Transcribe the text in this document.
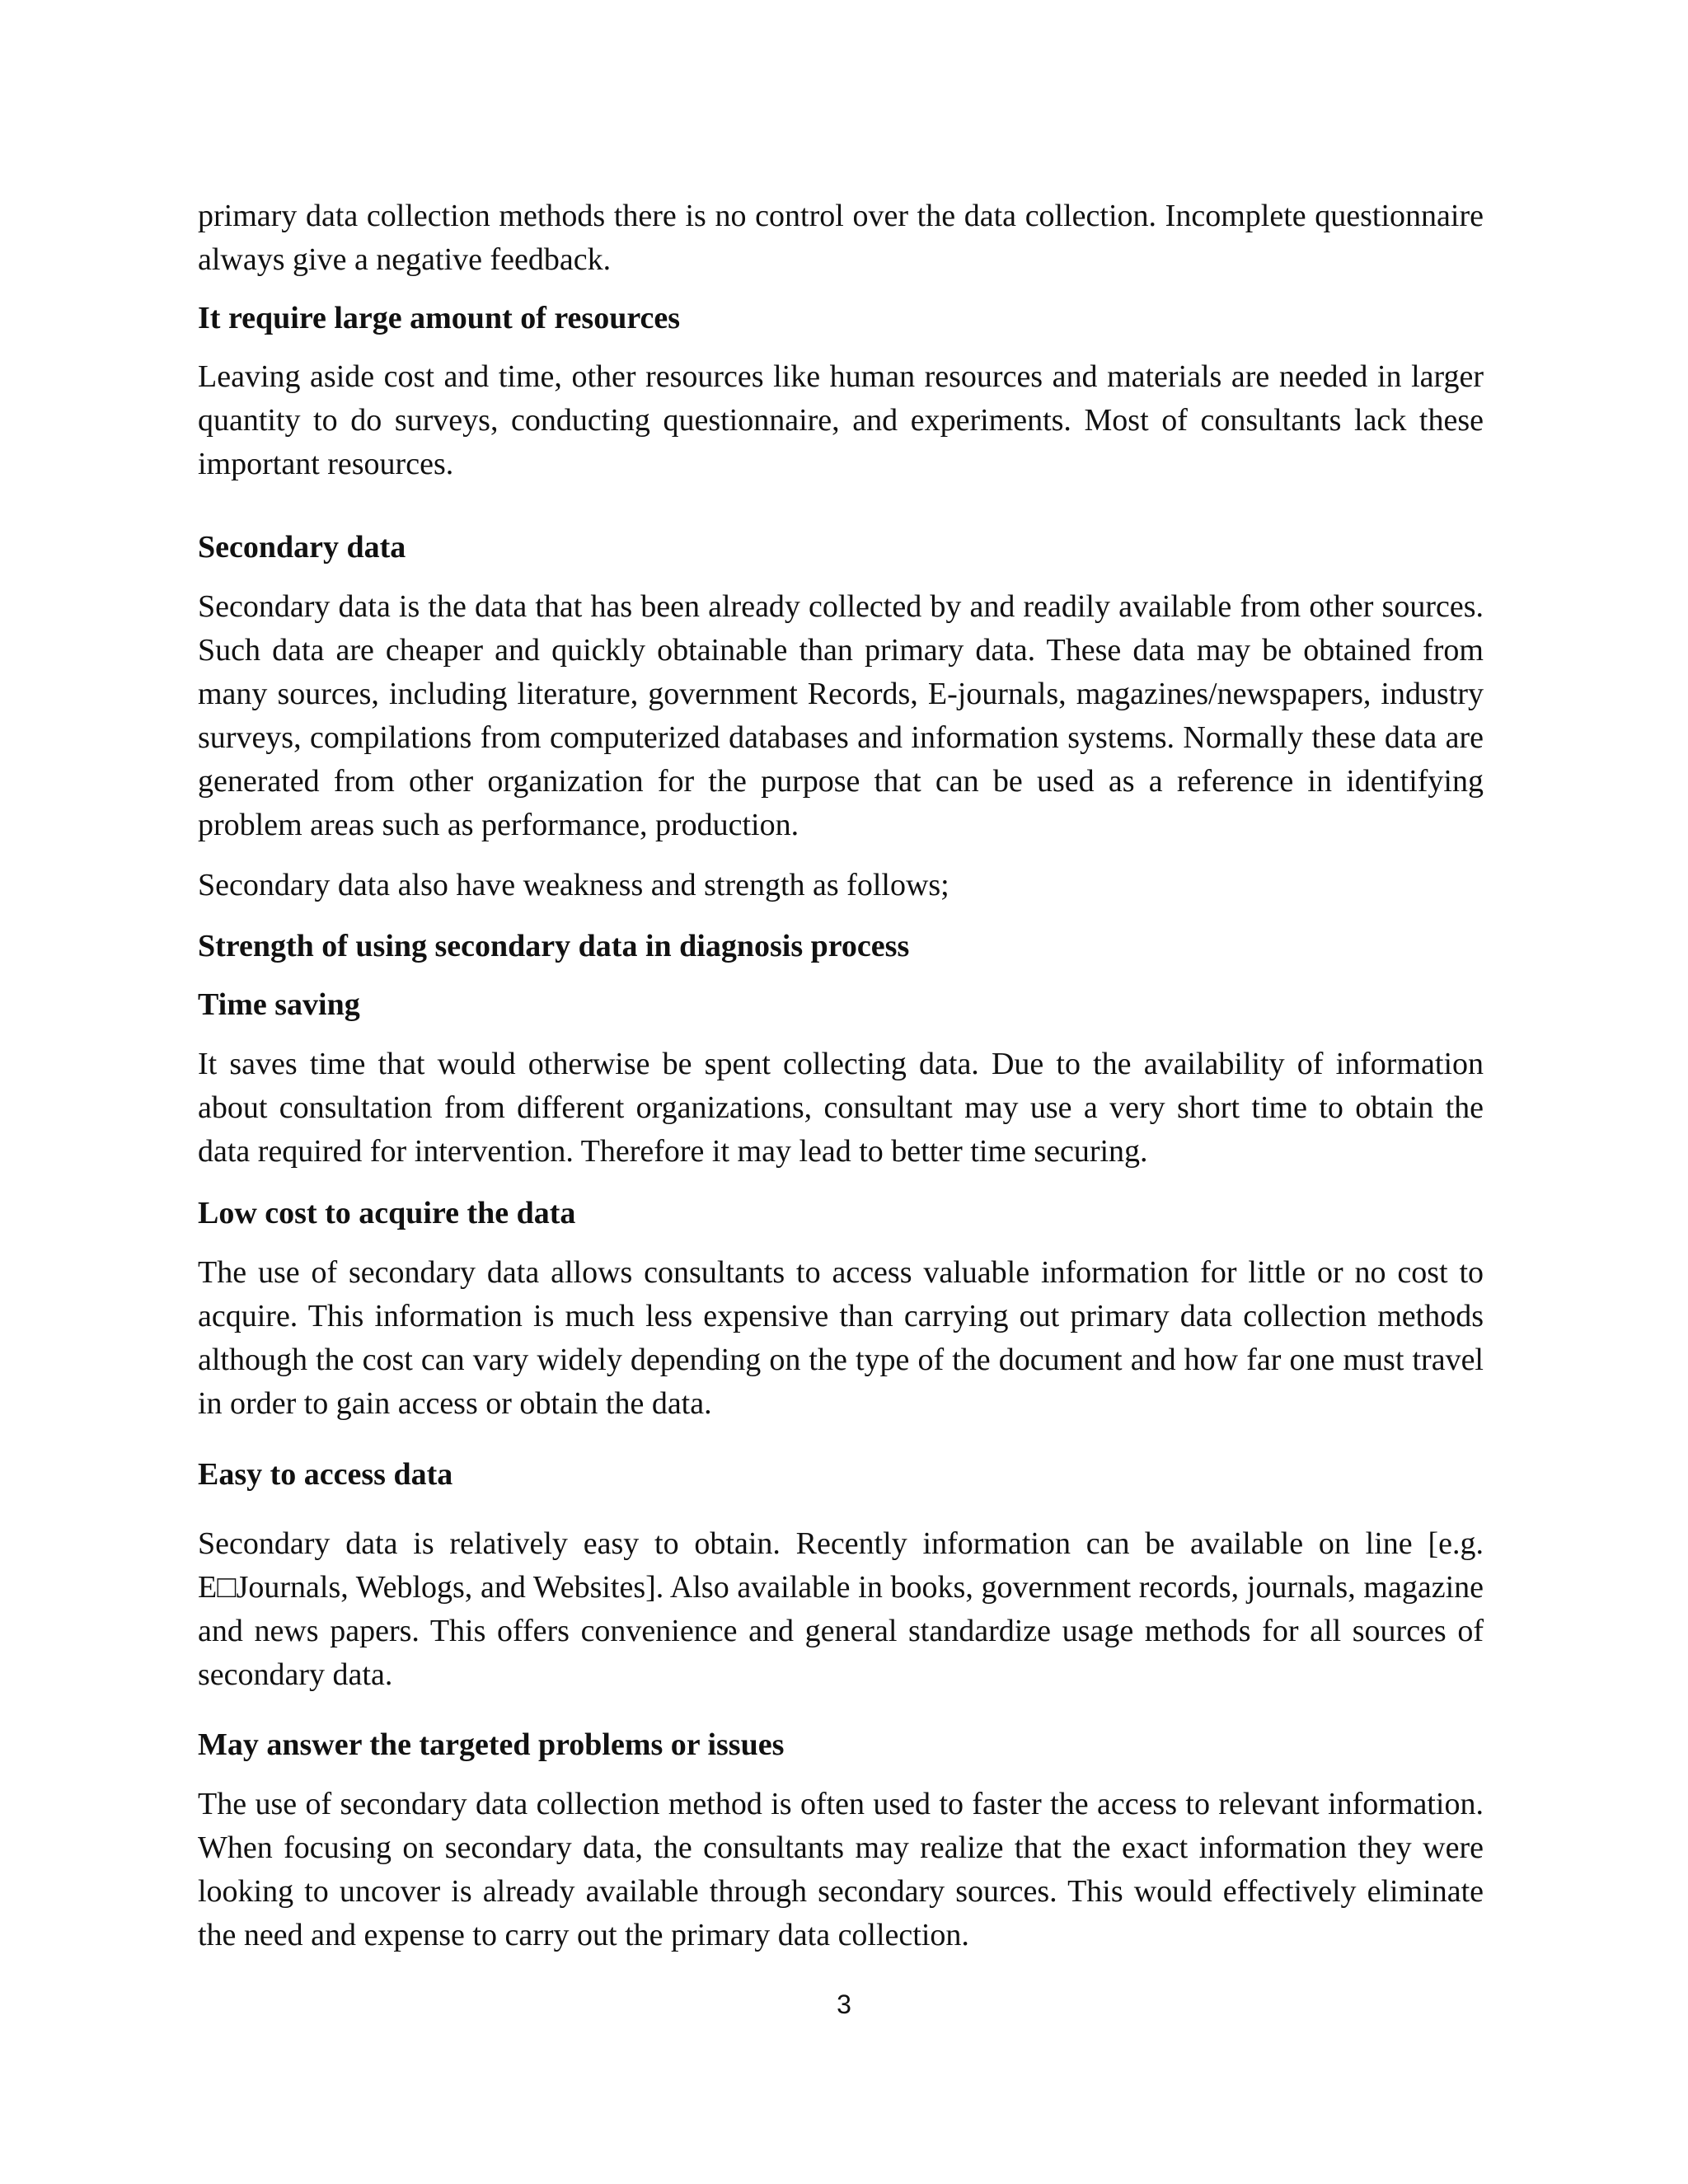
primary data collection methods there is no control over the data collection. Incomplete questionnaire always give a negative feedback.

It require large amount of resources

Leaving aside cost and time, other resources like human resources and materials are needed in larger quantity to do surveys, conducting questionnaire, and experiments. Most of consultants lack these important resources.

Secondary data

Secondary data is the data that has been already collected by and readily available from other sources. Such data are cheaper and quickly obtainable than primary data. These data may be obtained from many sources, including literature, government Records, E-journals, magazines/newspapers, industry surveys, compilations from computerized databases and information systems. Normally these data are generated from other organization for the purpose that can be used as a reference in identifying problem areas such as performance, production.

Secondary data also have weakness and strength as follows;

Strength of using secondary data in diagnosis process

Time saving

It saves time that would otherwise be spent collecting data. Due to the availability of information about consultation from different organizations, consultant may use a very short time to obtain the data required for intervention. Therefore it may lead to better time securing.

Low cost to acquire the data

The use of secondary data allows consultants to access valuable information for little or no cost to acquire. This information is much less expensive than carrying out primary data collection methods although the cost can vary widely depending on the type of the document and how far one must travel in order to gain access or obtain the data.

Easy to access data

Secondary data is relatively easy to obtain. Recently information can be available on line [e.g. E□Journals, Weblogs, and Websites]. Also available in books, government records, journals, magazine and news papers. This offers convenience and general standardize usage methods for all sources of secondary data.

May answer the targeted problems or issues

The use of secondary data collection method is often used to faster the access to relevant information. When focusing on secondary data, the consultants may realize that the exact information they were looking to uncover is already available through secondary sources. This would effectively eliminate the need and expense to carry out the primary data collection.

3
